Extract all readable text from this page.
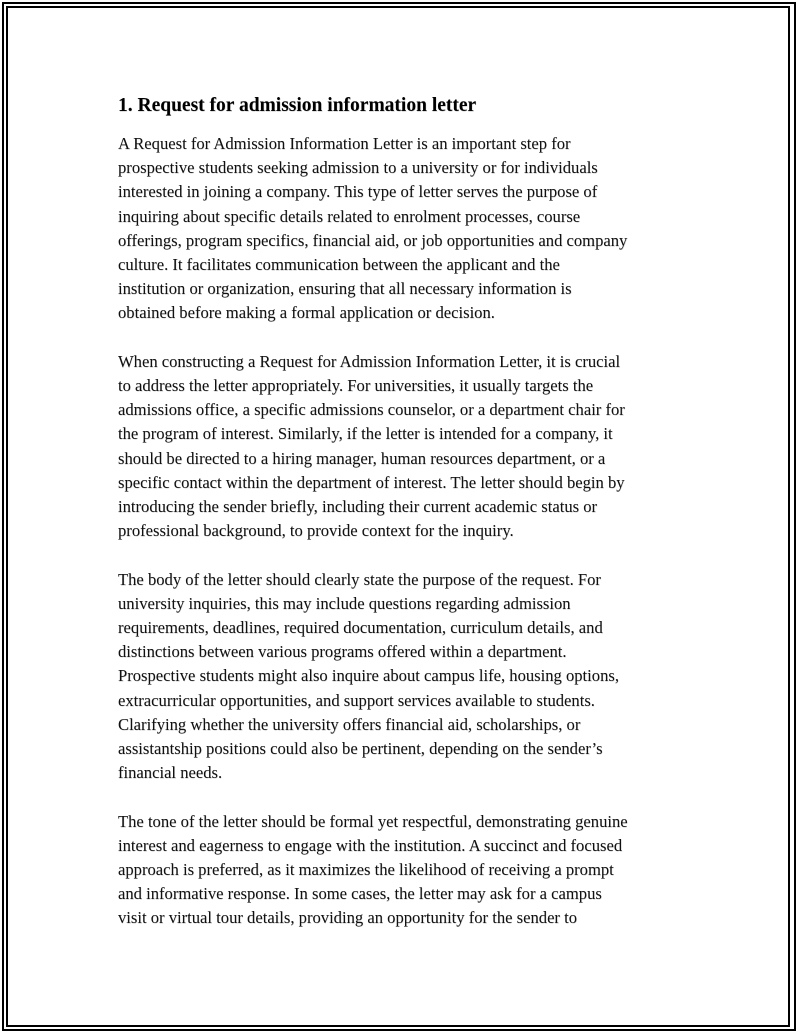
1. Request for admission information letter
A Request for Admission Information Letter is an important step for
prospective students seeking admission to a university or for individuals
interested in joining a company. This type of letter serves the purpose of
inquiring about specific details related to enrolment processes, course
offerings, program specifics, financial aid, or job opportunities and company
culture. It facilitates communication between the applicant and the
institution or organization, ensuring that all necessary information is
obtained before making a formal application or decision.
When constructing a Request for Admission Information Letter, it is crucial
to address the letter appropriately. For universities, it usually targets the
admissions office, a specific admissions counselor, or a department chair for
the program of interest. Similarly, if the letter is intended for a company, it
should be directed to a hiring manager, human resources department, or a
specific contact within the department of interest. The letter should begin by
introducing the sender briefly, including their current academic status or
professional background, to provide context for the inquiry.
The body of the letter should clearly state the purpose of the request. For
university inquiries, this may include questions regarding admission
requirements, deadlines, required documentation, curriculum details, and
distinctions between various programs offered within a department.
Prospective students might also inquire about campus life, housing options,
extracurricular opportunities, and support services available to students.
Clarifying whether the university offers financial aid, scholarships, or
assistantship positions could also be pertinent, depending on the sender’s
financial needs.
The tone of the letter should be formal yet respectful, demonstrating genuine
interest and eagerness to engage with the institution. A succinct and focused
approach is preferred, as it maximizes the likelihood of receiving a prompt
and informative response. In some cases, the letter may ask for a campus
visit or virtual tour details, providing an opportunity for the sender to
